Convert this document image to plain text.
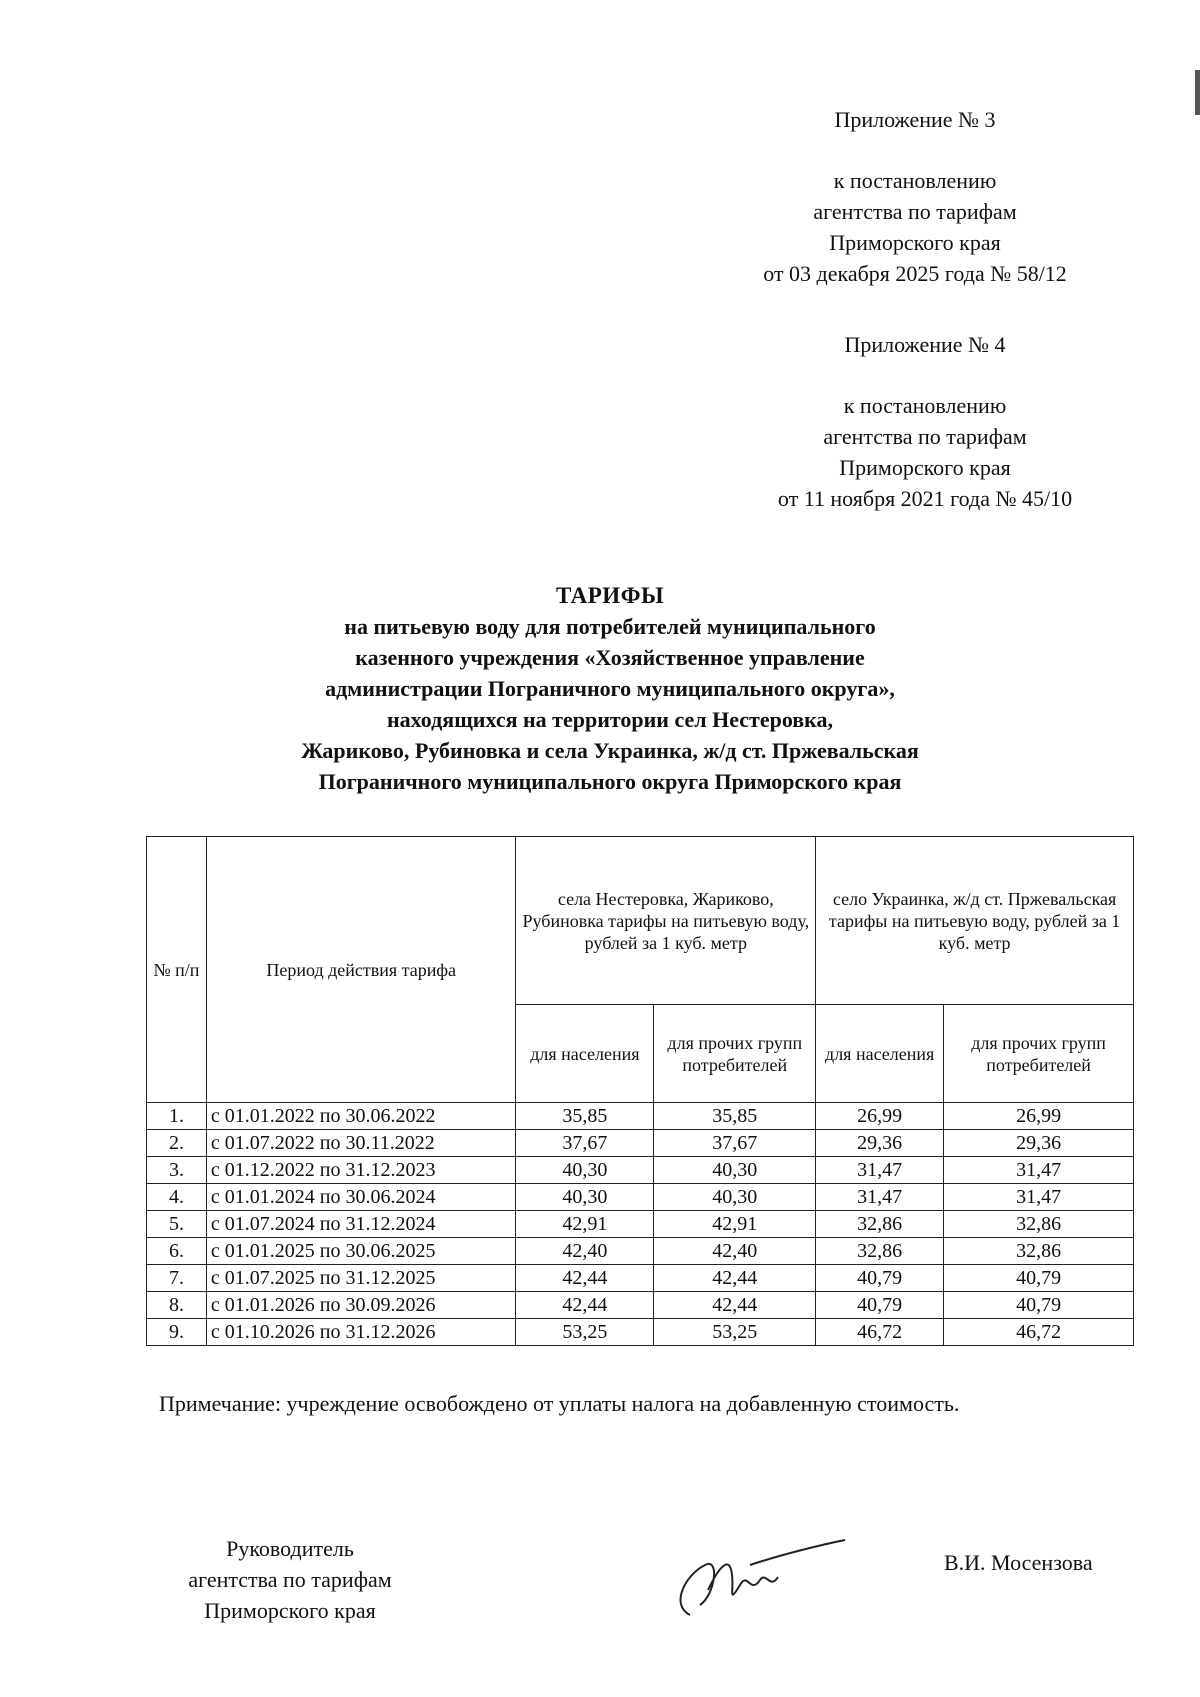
Приложение № 3
к постановлению
агентства по тарифам
Приморского края
от 03 декабря 2025 года № 58/12
Приложение № 4
к постановлению
агентства по тарифам
Приморского края
от 11 ноября 2021 года № 45/10
ТАРИФЫ
на питьевую воду для потребителей муниципального
казенного учреждения «Хозяйственное управление
администрации Пограничного муниципального округа»,
находящихся на территории сел Нестеровка,
Жариково, Рубиновка и села Украинка, ж/д ст. Пржевальская
Пограничного муниципального округа Приморского края
№ п/п	Период действия тарифа	села Нестеровка, Жариково, Рубиновка тарифы на питьевую воду, рублей за 1 куб. метр		село Украинка, ж/д ст. Пржевальская тарифы на питьевую воду, рублей за 1 куб. метр	
		для населения	для прочих групп потребителей	для населения	для прочих групп потребителей
1.	с 01.01.2022 по 30.06.2022	35,85	35,85	26,99	26,99
2.	с 01.07.2022 по 30.11.2022	37,67	37,67	29,36	29,36
3.	с 01.12.2022 по 31.12.2023	40,30	40,30	31,47	31,47
4.	с 01.01.2024 по 30.06.2024	40,30	40,30	31,47	31,47
5.	с 01.07.2024 по 31.12.2024	42,91	42,91	32,86	32,86
6.	с 01.01.2025 по 30.06.2025	42,40	42,40	32,86	32,86
7.	с 01.07.2025 по 31.12.2025	42,44	42,44	40,79	40,79
8.	с 01.01.2026 по 30.09.2026	42,44	42,44	40,79	40,79
9.	с 01.10.2026 по 31.12.2026	53,25	53,25	46,72	46,72
Примечание: учреждение освобождено от уплаты налога на добавленную стоимость.
Руководитель
агентства по тарифам
Приморского края
В.И. Мосензова
